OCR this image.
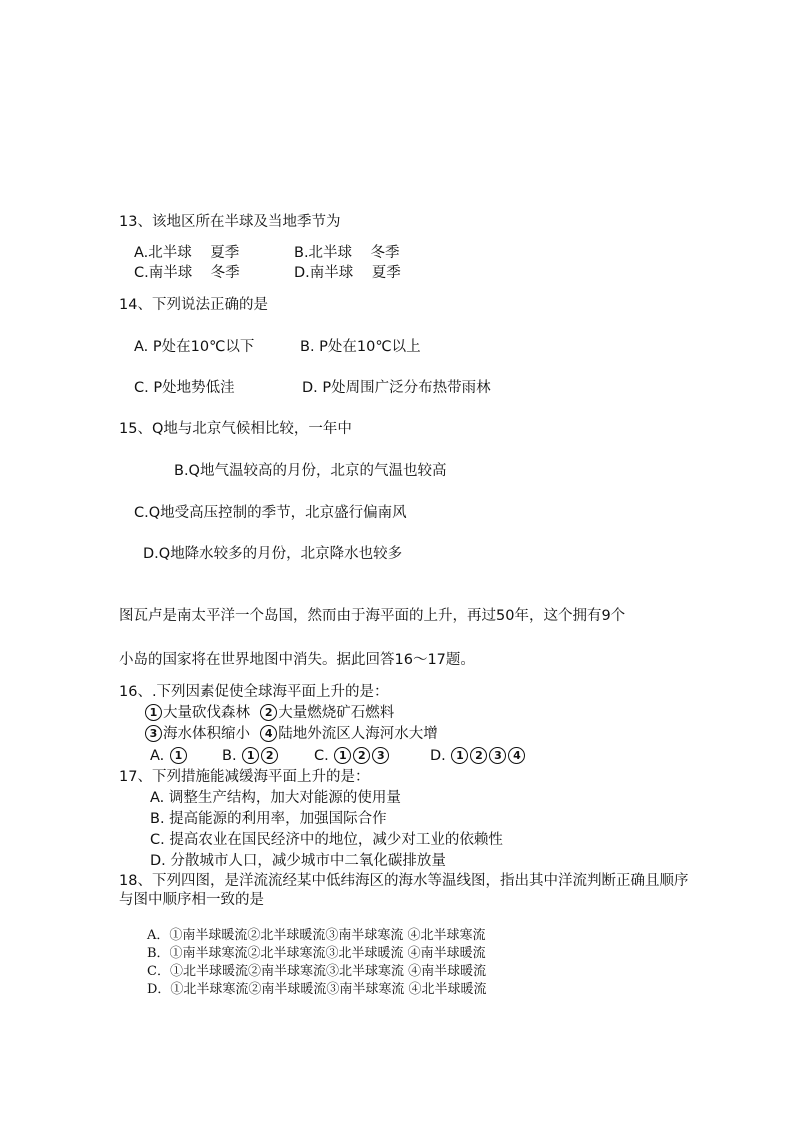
13、该地区所在半球及当地季节为
A.北半球    夏季	B.北半球    冬季
C.南半球    冬季	D.南半球    夏季
14、下列说法正确的是
A. P处在10℃以下	B. P处在10℃以上
C. P处地势低洼	D. P处周围广泛分布热带雨林
15、Q地与北京气候相比较，一年中
B.Q地气温较高的月份，北京的气温也较高
C.Q地受高压控制的季节，北京盛行偏南风
D.Q地降水较多的月份，北京降水也较多
图瓦卢是南太平洋一个岛国，然而由于海平面的上升，再过50年，这个拥有9个
小岛的国家将在世界地图中消失。据此回答16～17题。
16、.下列因素促使全球海平面上升的是：
1 大量砍伐森林 2 大量燃烧矿石燃料
3 海水体积缩小 4 陆地外流区人海河水大增
A. 1	B. 1 2	C. 1 2 3	D. 1 2 3 4
17、下列措施能减缓海平面上升的是：
A. 调整生产结构，加大对能源的使用量
B. 提高能源的利用率，加强国际合作
C. 提高农业在国民经济中的地位，减少对工业的依赖性
D. 分散城市人口，减少城市中二氧化碳排放量
18、下列四图，是洋流流经某中低纬海区的海水等温线图，指出其中洋流判断正确且顺序
与图中顺序相一致的是
A．①南半球暖流②北半球暖流③南半球寒流 ④北半球寒流
B．①南半球寒流②北半球寒流③北半球暖流 ④南半球暖流
C．①北半球暖流②南半球寒流③北半球寒流 ④南半球暖流
D．①北半球寒流②南半球暖流③南半球寒流 ④北半球暖流
